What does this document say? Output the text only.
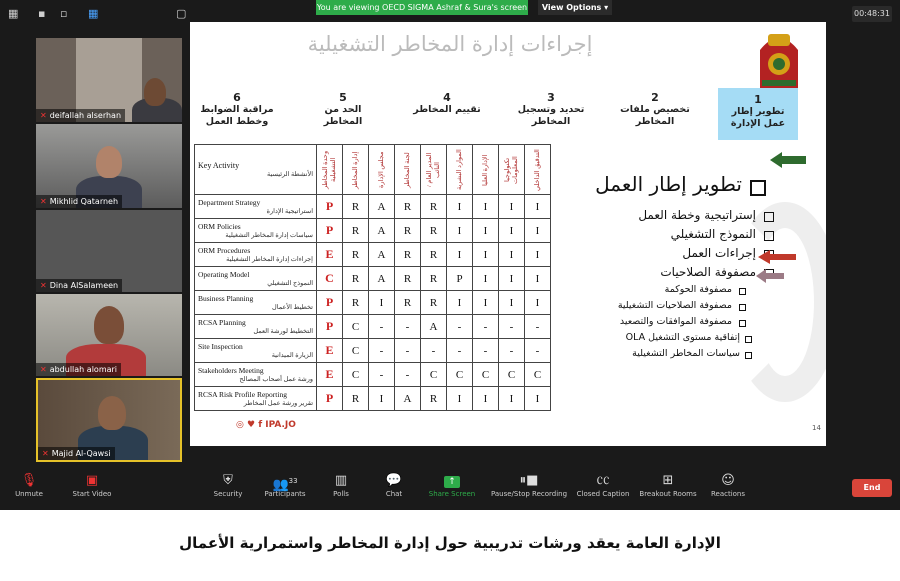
▦ ▪	▫	▦	▢	You are viewing OECD SIGMA Ashraf & Sura's screen	View Options ▾
00:48:31
✕ deifallah alserhan
✕ Mikhlid Qatarneh
✕ Dina AlSalameen
✕ abdullah alomari
✕ Majid Al-Qawsi
إجراءات إدارة المخاطر التشغيلية
1
تطوير إطار عمل الإدارة
2
تخصيص ملفات المخاطر
3
تحديد وتسجيل المخاطر
4
تقييم المخاطر
5
الحد من المخاطر
6
مراقبة الضوابط وخطط العمل
Key Activity
الأنشطة الرئيسية	وحدة المخاطر التشغيلية	إدارة المخاطر	مجلس الإدارة	لجنة المخاطر	المدير العام / النائب	الموارد البشرية	الإدارة العليا	تكنولوجيا المعلومات	التدقيق الداخلي
Department Strategy
استراتيجية الإدارة	P	R	A	R	R	I	I	I	I
ORM Policies
سياسات إدارة المخاطر التشغيلية	P	R	A	R	R	I	I	I	I
ORM Procedures
إجراءات إدارة المخاطر التشغيلية	E	R	A	R	R	I	I	I	I
Operating Model
النموذج التشغيلي	C	R	A	R	R	P	I	I	I
Business Planning
تخطيط الأعمال	P	R	I	R	R	I	I	I	I
RCSA Planning
التخطيط لورشة العمل	P	C	-	-	A	-	-	-	-
Site Inspection
الزيارة الميدانية	E	C	-	-	-	-	-	-	-
Stakeholders Meeting
ورشة عمل أصحاب المصالح	E	C	-	-	C	C	C	C	C
RCSA Risk Profile Reporting
تقرير ورشة عمل المخاطر	P	R	I	A	R	I	I	I	I
◎ ♥ f IPA.JO	14
تطوير إطار العمل
إستراتيجية وخطة العمل
النموذج التشغيلي
إجراءات العمل
مصفوفة الصلاحيات
مصفوفة الحوكمة
مصفوفة الصلاحيات التشغيلية
مصفوفة الموافقات والتصعيد
إتفاقية مستوى التشغيل OLA
سياسات المخاطر التشغيلية
🎙
Unmute
▣
Start Video
⛨
Security
👥$^{33}$
Participants
▥
Polls
💬
Chat
↑
Share Screen
⏸■
Pause/Stop Recording
㏄
Closed Caption
⊞
Breakout Rooms
☺
Reactions
End
الإدارة العامة يعقد ورشات تدريبية حول إدارة المخاطر واستمرارية الأعمال
